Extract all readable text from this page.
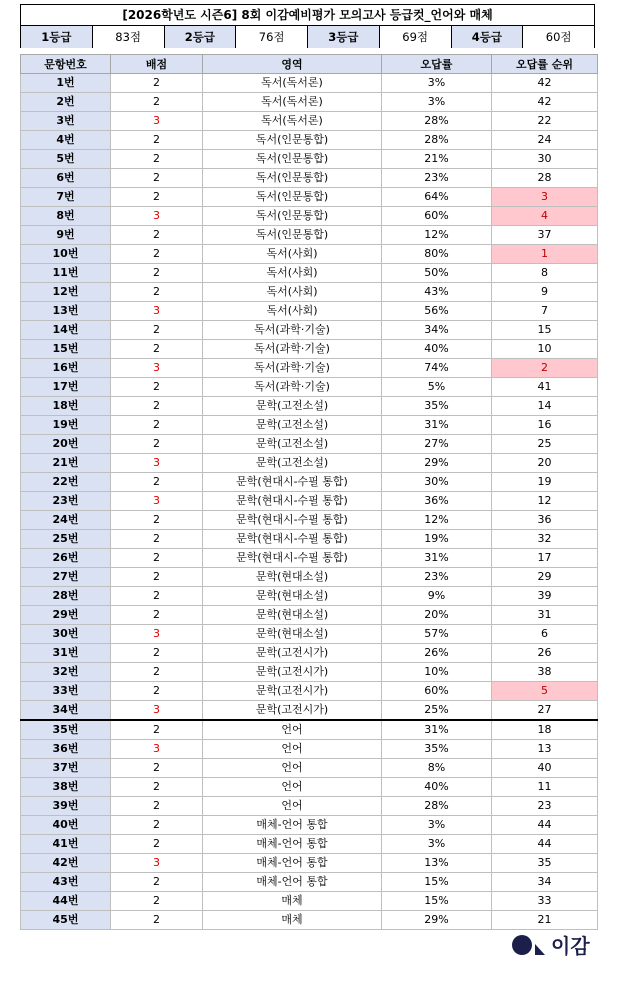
[2026학년도 시즌6] 8회 이감예비평가 모의고사 등급컷_언어와 매체
1등급	83점	2등급	76점	3등급	69점	4등급	60점
문항번호	배점	영역	오답률	오답률 순위
1번	2	독서(독서론)	3%	42
2번	2	독서(독서론)	3%	42
3번	3	독서(독서론)	28%	22
4번	2	독서(인문통합)	28%	24
5번	2	독서(인문통합)	21%	30
6번	2	독서(인문통합)	23%	28
7번	2	독서(인문통합)	64%	3
8번	3	독서(인문통합)	60%	4
9번	2	독서(인문통합)	12%	37
10번	2	독서(사회)	80%	1
11번	2	독서(사회)	50%	8
12번	2	독서(사회)	43%	9
13번	3	독서(사회)	56%	7
14번	2	독서(과학·기술)	34%	15
15번	2	독서(과학·기술)	40%	10
16번	3	독서(과학·기술)	74%	2
17번	2	독서(과학·기술)	5%	41
18번	2	문학(고전소설)	35%	14
19번	2	문학(고전소설)	31%	16
20번	2	문학(고전소설)	27%	25
21번	3	문학(고전소설)	29%	20
22번	2	문학(현대시-수필 통합)	30%	19
23번	3	문학(현대시-수필 통합)	36%	12
24번	2	문학(현대시-수필 통합)	12%	36
25번	2	문학(현대시-수필 통합)	19%	32
26번	2	문학(현대시-수필 통합)	31%	17
27번	2	문학(현대소설)	23%	29
28번	2	문학(현대소설)	9%	39
29번	2	문학(현대소설)	20%	31
30번	3	문학(현대소설)	57%	6
31번	2	문학(고전시가)	26%	26
32번	2	문학(고전시가)	10%	38
33번	2	문학(고전시가)	60%	5
34번	3	문학(고전시가)	25%	27
35번	2	언어	31%	18
36번	3	언어	35%	13
37번	2	언어	8%	40
38번	2	언어	40%	11
39번	2	언어	28%	23
40번	2	매체-언어 통합	3%	44
41번	2	매체-언어 통합	3%	44
42번	3	매체-언어 통합	13%	35
43번	2	매체-언어 통합	15%	34
44번	2	매체	15%	33
45번	2	매체	29%	21
이감
